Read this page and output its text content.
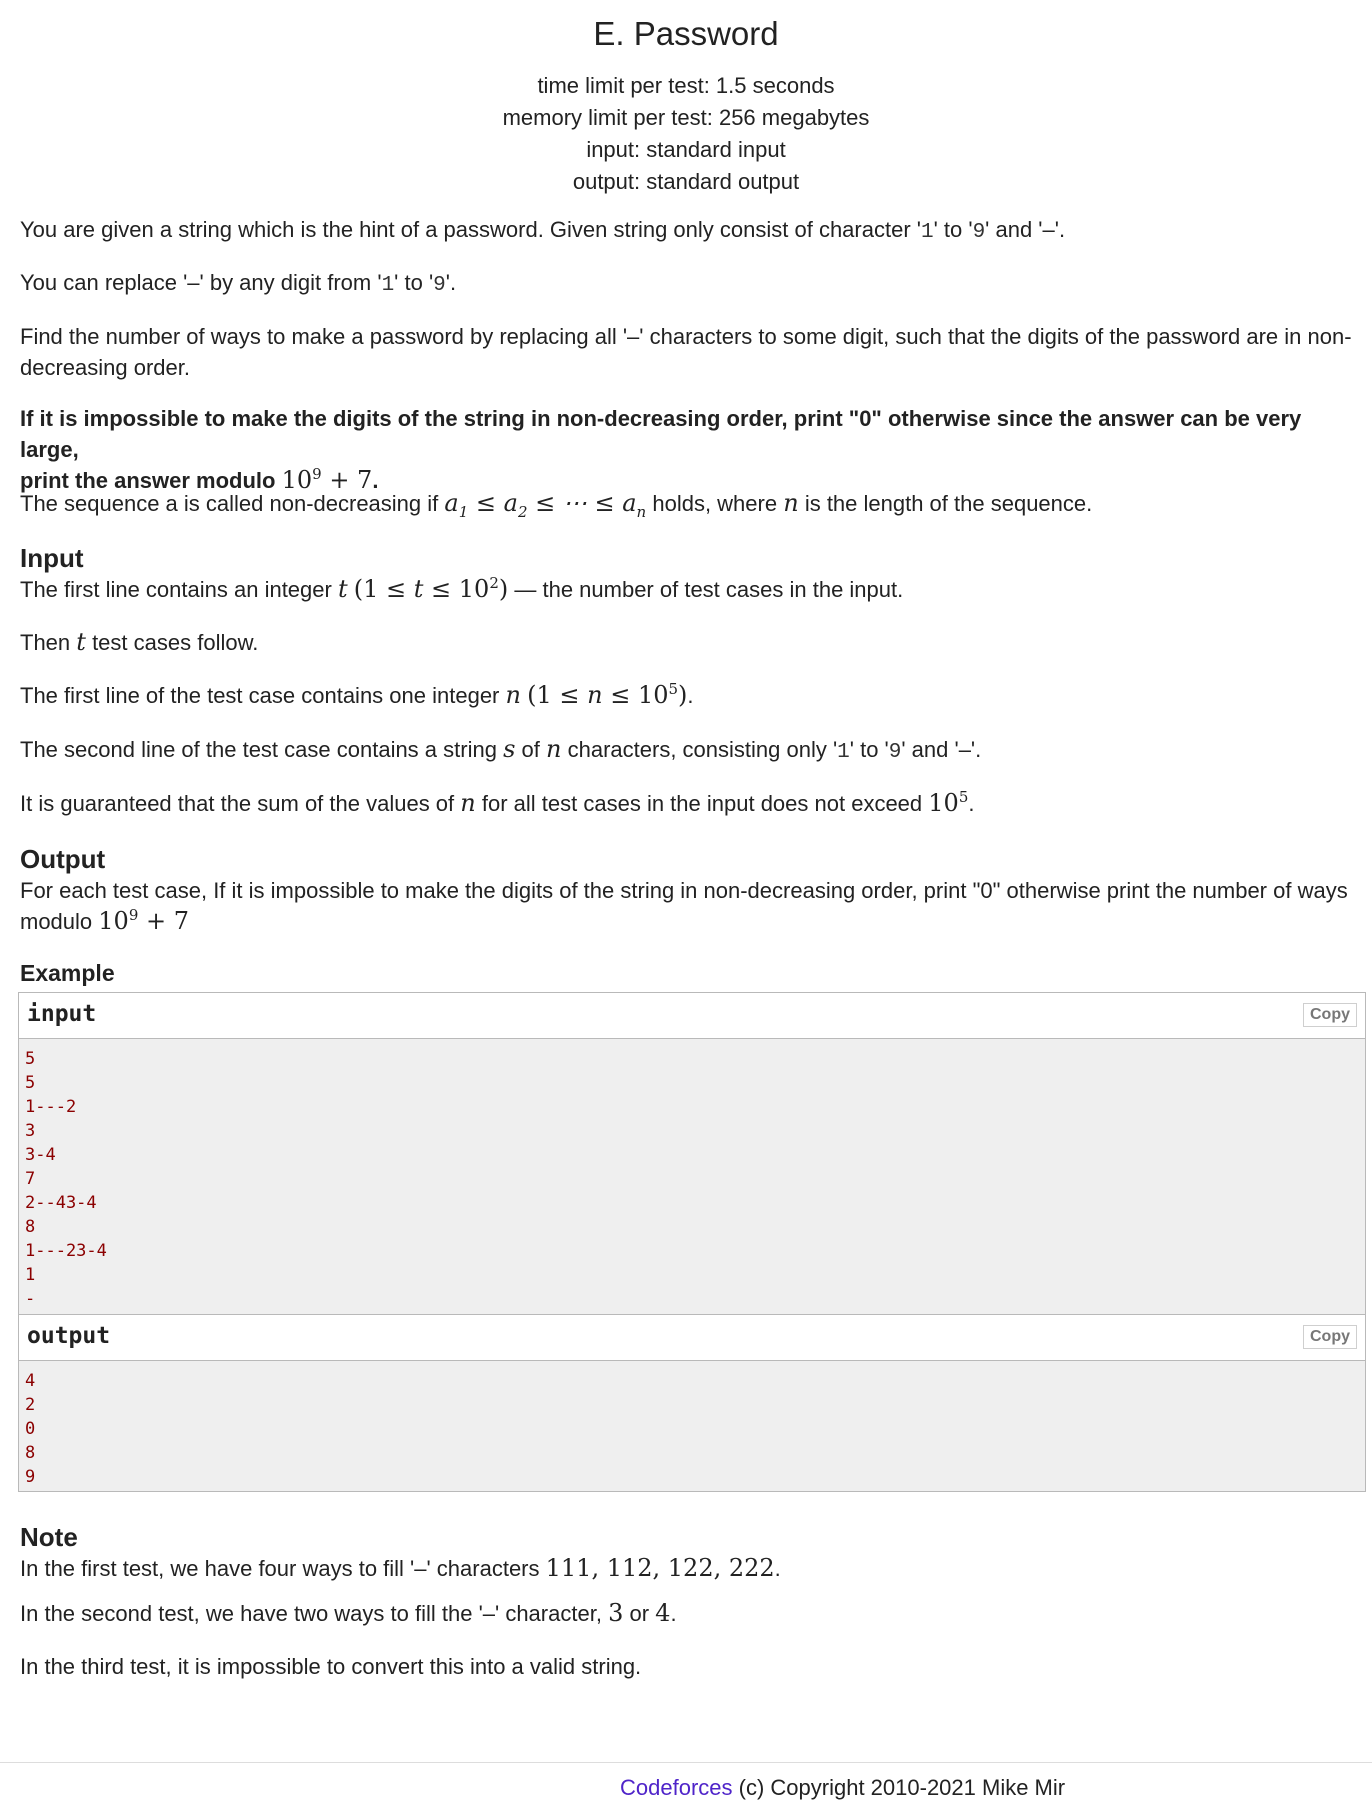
E. Password
time limit per test: 1.5 seconds
memory limit per test: 256 megabytes
input: standard input
output: standard output

You are given a string which is the hint of a password. Given string only consist of character '1' to '9' and '–'.

You can replace '–' by any digit from '1' to '9'.

Find the number of ways to make a password by replacing all '–' characters to some digit, such that the digits of the password are in non-decreasing order.

If it is impossible to make the digits of the string in non-decreasing order, print "0" otherwise since the answer can be very large,
print the answer modulo $10^9 + 7$.

The sequence a is called non-decreasing if $a_1 \le a_2$ ≤ ⋯ ≤ $a_n$ holds, where n is the length of the sequence.

Input

The first line contains an integer t $(1 \le t \le 10^2)$ — the number of test cases in the input.

Then t test cases follow.

The first line of the test case contains one integer n $(1 \le n \le 10^5)$.

The second line of the test case contains a string s of n characters, consisting only '1' to '9' and '–'.

It is guaranteed that the sum of the values of n for all test cases in the input does not exceed $10^5$.

Output

For each test case, If it is impossible to make the digits of the string in non-decreasing order, print "0" otherwise print the number of ways
modulo $10^9 + 7$

Example

Note

In the first test, we have four ways to fill '–' characters 111, 112, 122, 222.

In the second test, we have two ways to fill the '–' character, 3 or 4.

In the third test, it is impossible to convert this into a valid string.

input	Copy
5
5
1---2
3
3-4
7
2--43-4
8
1---23-4
1
-
output	Copy
4
2
0
8
9
Codeforces (c) Copyright 2010-2021 Mike Mir
